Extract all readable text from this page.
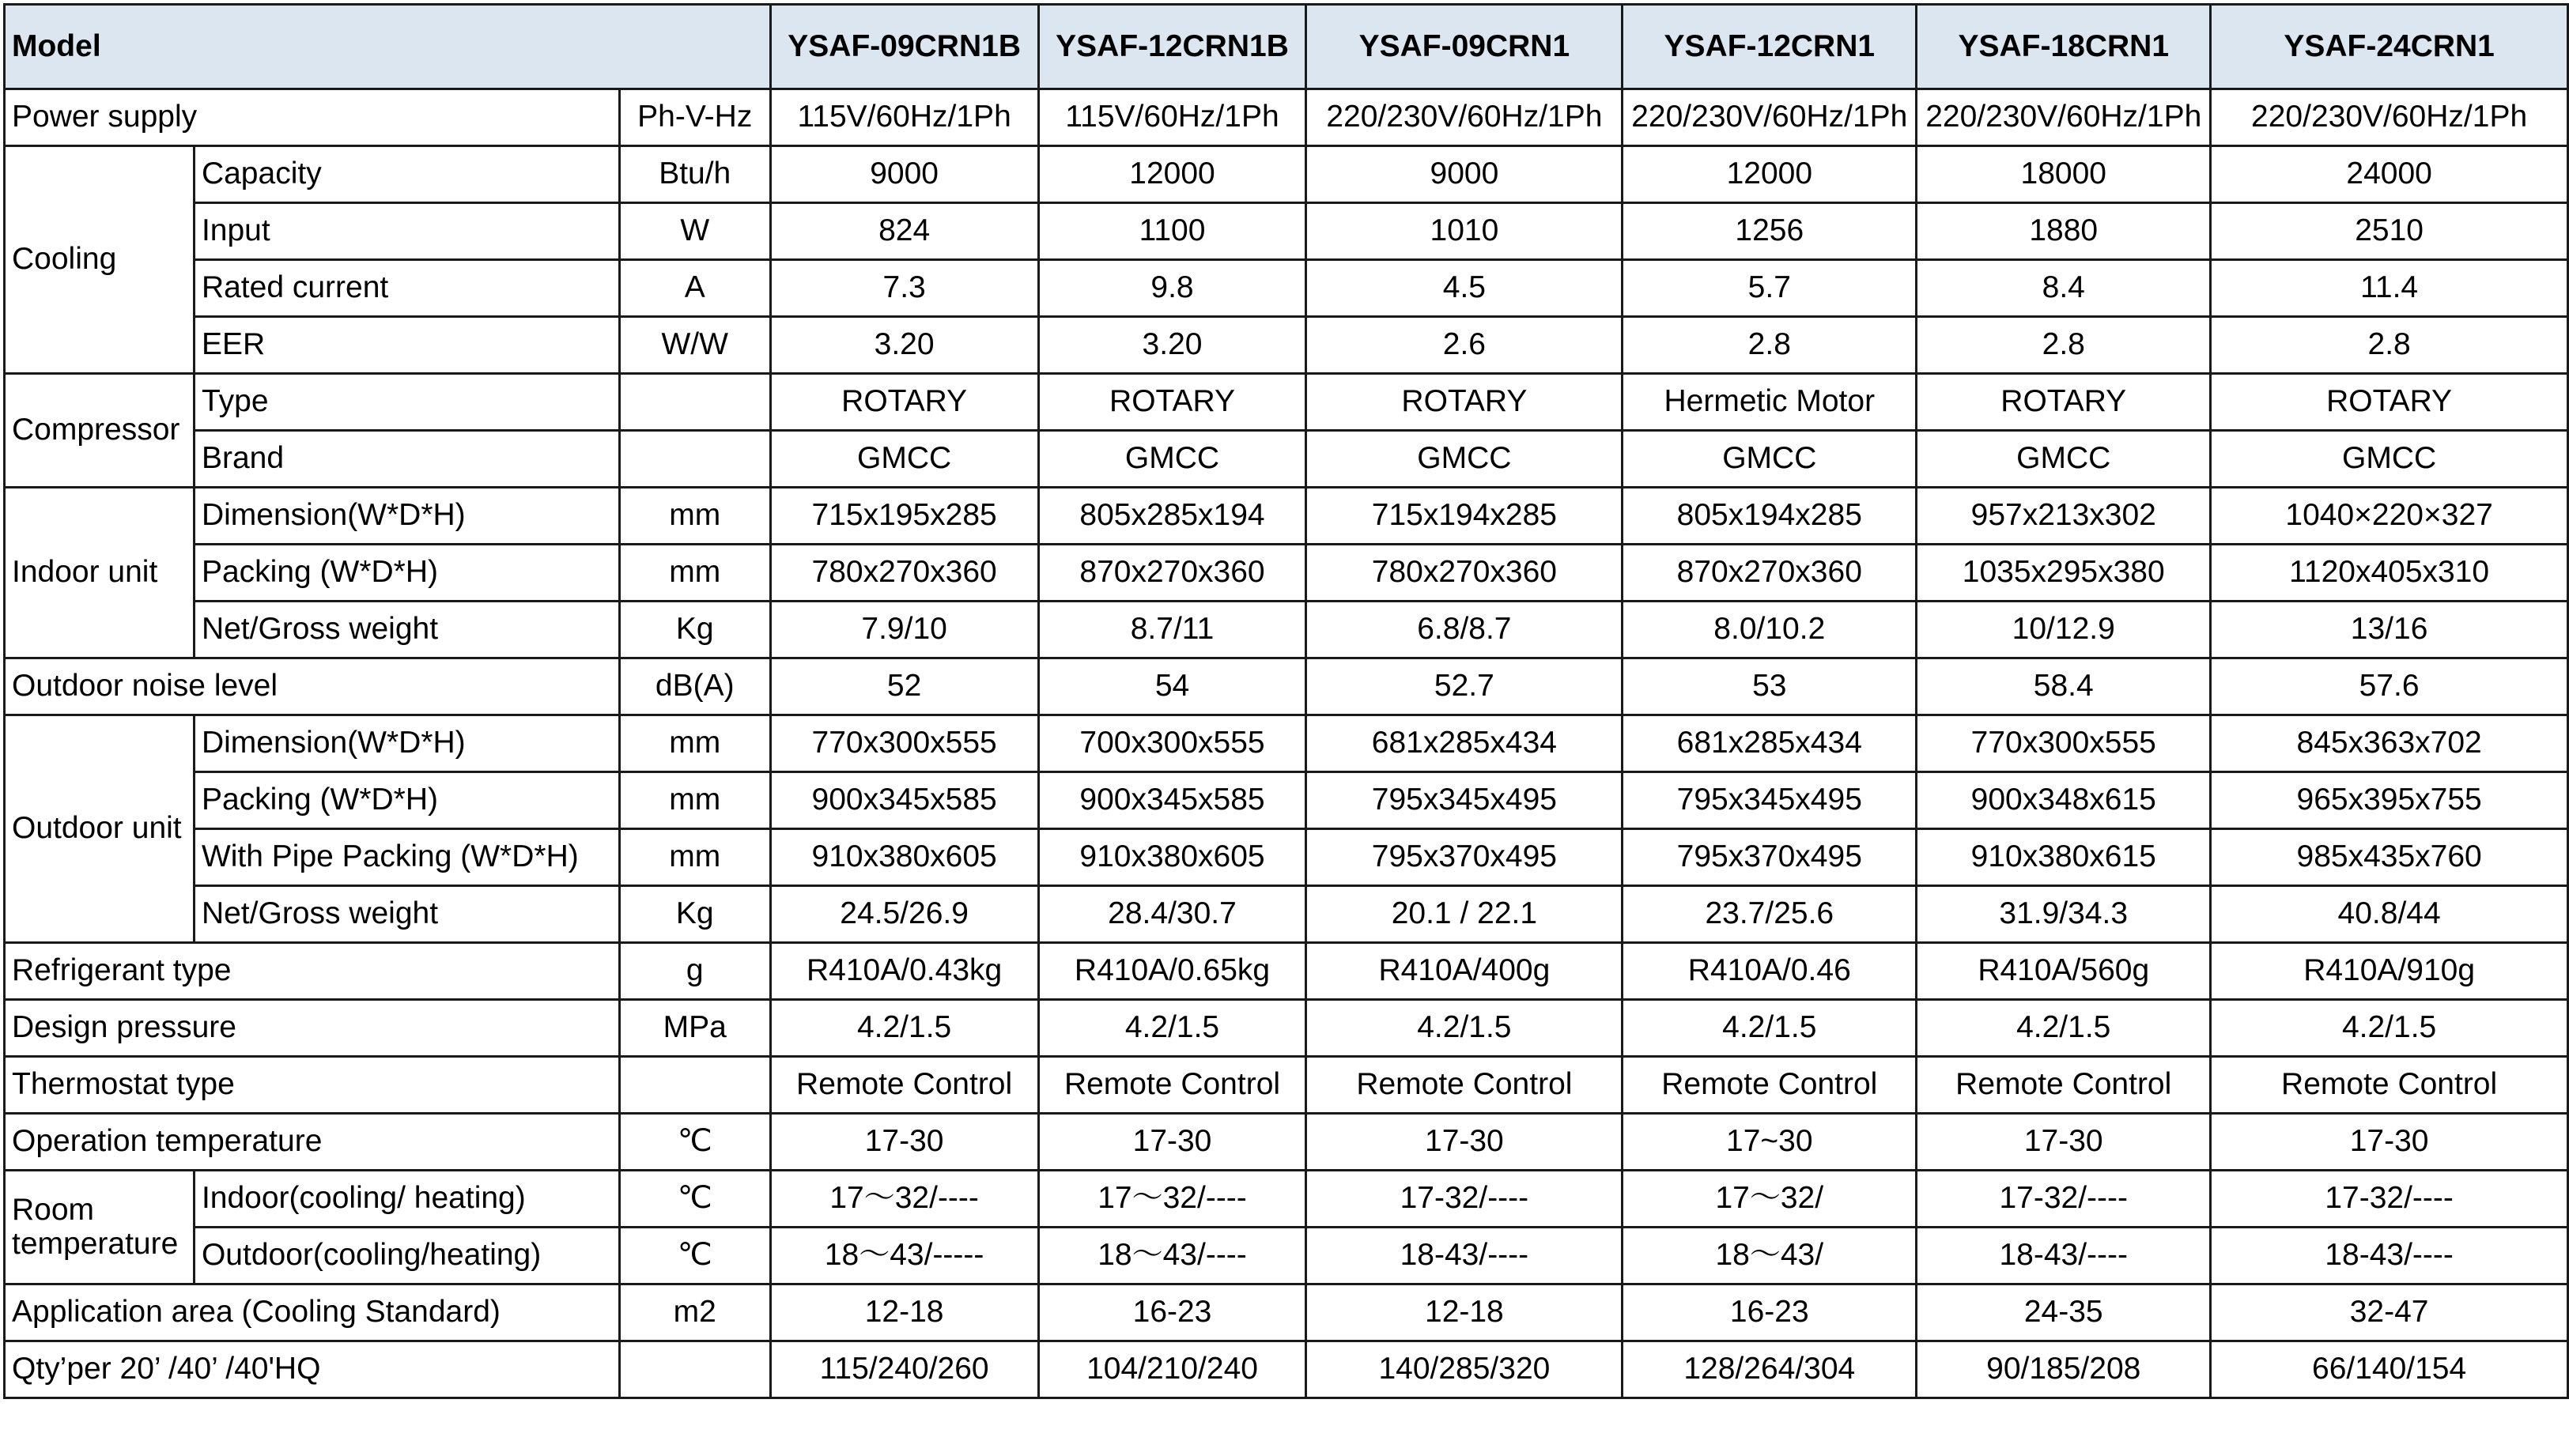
Model			YSAF-09CRN1B	YSAF-12CRN1B	YSAF-09CRN1	YSAF-12CRN1	YSAF-18CRN1	YSAF-24CRN1
Power supply		Ph-V-Hz	115V/60Hz/1Ph	115V/60Hz/1Ph	220/230V/60Hz/1Ph	220/230V/60Hz/1Ph	220/230V/60Hz/1Ph	220/230V/60Hz/1Ph
Cooling	Capacity	Btu/h	9000	12000	9000	12000	18000	24000
	Input	W	824	1100	1010	1256	1880	2510
	Rated current	A	7.3	9.8	4.5	5.7	8.4	11.4
	EER	W/W	3.20	3.20	2.6	2.8	2.8	2.8
Compressor	Type		ROTARY	ROTARY	ROTARY	Hermetic Motor	ROTARY	ROTARY
	Brand		GMCC	GMCC	GMCC	GMCC	GMCC	GMCC
Indoor unit	Dimension(W*D*H)	mm	715x195x285	805x285x194	715x194x285	805x194x285	957x213x302	1040×220×327
	Packing (W*D*H)	mm	780x270x360	870x270x360	780x270x360	870x270x360	1035x295x380	1120x405x310
	Net/Gross weight	Kg	7.9/10	8.7/11	6.8/8.7	8.0/10.2	10/12.9	13/16
Outdoor noise level		dB(A)	52	54	52.7	53	58.4	57.6
Outdoor unit	Dimension(W*D*H)	mm	770x300x555	700x300x555	681x285x434	681x285x434	770x300x555	845x363x702
	Packing (W*D*H)	mm	900x345x585	900x345x585	795x345x495	795x345x495	900x348x615	965x395x755
	With Pipe Packing (W*D*H)	mm	910x380x605	910x380x605	795x370x495	795x370x495	910x380x615	985x435x760
	Net/Gross weight	Kg	24.5/26.9	28.4/30.7	20.1 / 22.1	23.7/25.6	31.9/34.3	40.8/44
Refrigerant type		g	R410A/0.43kg	R410A/0.65kg	R410A/400g	R410A/0.46	R410A/560g	R410A/910g
Design pressure		MPa	4.2/1.5	4.2/1.5	4.2/1.5	4.2/1.5	4.2/1.5	4.2/1.5
Thermostat type			Remote Control	Remote Control	Remote Control	Remote Control	Remote Control	Remote Control
Operation temperature		℃	17-30	17-30	17-30	17~30	17-30	17-30
Room temperature	Indoor(cooling/ heating)	℃	17～32/----	17～32/----	17-32/----	17～32/	17-32/----	17-32/----
	Outdoor(cooling/heating)	℃	18～43/-----	18～43/----	18-43/----	18～43/	18-43/----	18-43/----
Application area (Cooling Standard)		m2	12-18	16-23	12-18	16-23	24-35	32-47
Qty’per 20’ /40’ /40'HQ			115/240/260	104/210/240	140/285/320	128/264/304	90/185/208	66/140/154
